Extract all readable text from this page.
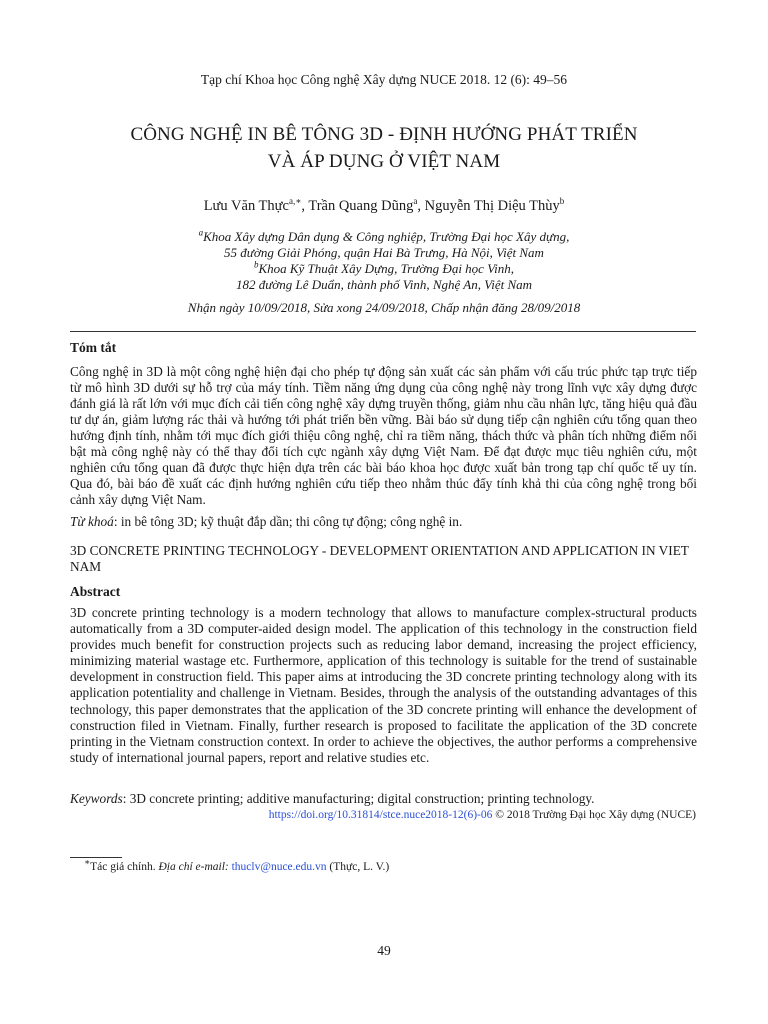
Tạp chí Khoa học Công nghệ Xây dựng NUCE 2018. 12 (6): 49–56
CÔNG NGHỆ IN BÊ TÔNG 3D - ĐỊNH HƯỚNG PHÁT TRIỂN
VÀ ÁP DỤNG Ở VIỆT NAM
Lưu Văn Thực$^{a,∗}$, Trần Quang Dũng$^a$, Nguyễn Thị Diệu Thùy$^b$
$^a$Khoa Xây dựng Dân dụng & Công nghiệp, Trường Đại học Xây dựng,
55 đường Giải Phóng, quận Hai Bà Trưng, Hà Nội, Việt Nam
$^b$Khoa Kỹ Thuật Xây Dựng, Trường Đại học Vinh,
182 đường Lê Duẩn, thành phố Vinh, Nghệ An, Việt Nam
Nhận ngày 10/09/2018, Sửa xong 24/09/2018, Chấp nhận đăng 28/09/2018
Tóm tắt

Công nghệ in 3D là một công nghệ hiện đại cho phép tự động sản xuất các sản phẩm với cấu trúc phức tạp trực tiếp từ mô hình 3D dưới sự hỗ trợ của máy tính. Tiềm năng ứng dụng của công nghệ này trong lĩnh vực xây dựng được đánh giá là rất lớn với mục đích cải tiến công nghệ xây dựng truyền thống, giảm nhu cầu nhân lực, tăng hiệu quả đầu tư dự án, giảm lượng rác thải và hướng tới phát triển bền vững. Bài báo sử dụng tiếp cận nghiên cứu tổng quan theo hướng định tính, nhằm tới mục đích giới thiệu công nghệ, chỉ ra tiềm năng, thách thức và phân tích những điểm nổi bật mà công nghệ này có thể thay đổi tích cực ngành xây dựng Việt Nam. Để đạt được mục tiêu nghiên cứu, một nghiên cứu tổng quan đã được thực hiện dựa trên các bài báo khoa học được xuất bản trong tạp chí quốc tế uy tín. Qua đó, bài báo đề xuất các định hướng nghiên cứu tiếp theo nhằm thúc đẩy tính khả thi của công nghệ trong bối cảnh xây dựng Việt Nam.

Từ khoá: in bê tông 3D; kỹ thuật đắp dần; thi công tự động; công nghệ in.
3D CONCRETE PRINTING TECHNOLOGY - DEVELOPMENT ORIENTATION AND APPLICATION IN VIET NAM
Abstract

3D concrete printing technology is a modern technology that allows to manufacture complex-structural products automatically from a 3D computer-aided design model. The application of this technology in the construction field provides much benefit for construction projects such as reducing labor demand, increasing the project efficiency, minimizing material wastage etc. Furthermore, application of this technology is suitable for the trend of sustainable development in construction field. This paper aims at introducing the 3D concrete printing technology along with its application potentiality and challenge in Vietnam. Besides, through the analysis of the outstanding advantages of this technology, this paper demonstrates that the application of the 3D concrete printing will enhance the development of construction filed in Vietnam. Finally, further research is proposed to facilitate the application of the 3D concrete printing in the Vietnam construction context. In order to achieve the objectives, the author performs a comprehensive study of international journal papers, report and relative studies etc.

Keywords: 3D concrete printing; additive manufacturing; digital construction; printing technology.
https://doi.org/10.31814/stce.nuce2018-12(6)-06 © 2018 Trường Đại học Xây dựng (NUCE)
∗Tác giả chính. Địa chỉ e-mail: thuclv@nuce.edu.vn (Thực, L. V.)
49
